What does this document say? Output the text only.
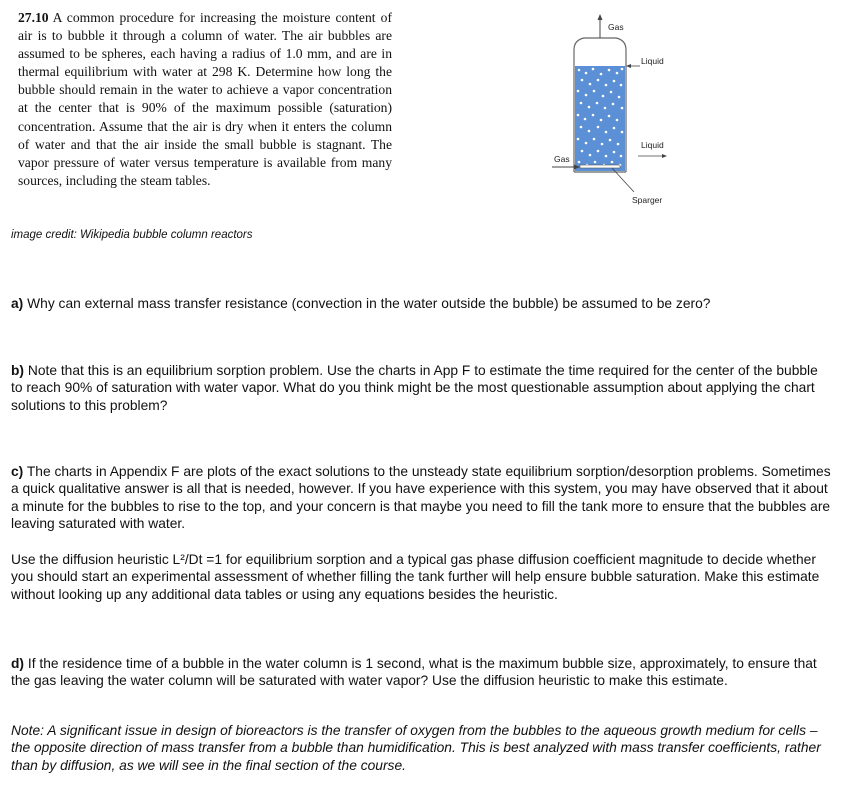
27.10 A common procedure for increasing the moisture content of air is to bubble it through a column of water. The air bubbles are assumed to be spheres, each having a radius of 1.0 mm, and are in thermal equilibrium with water at 298 K. Determine how long the bubble should remain in the water to achieve a vapor concentration at the center that is 90% of the maximum possible (saturation) concentration. Assume that the air is dry when it enters the column of water and that the air inside the small bubble is stagnant. The vapor pressure of water versus temperature is available from many sources, including the steam tables.
Gas
Liquid
Liquid
Gas
Sparger
image credit: Wikipedia bubble column reactors

a) Why can external mass transfer resistance (convection in the water outside the bubble) be assumed to be zero?

b) Note that this is an equilibrium sorption problem. Use the charts in App F to estimate the time required for the center of the bubble to reach 90% of saturation with water vapor. What do you think might be the most questionable assumption about applying the chart solutions to this problem?

c) The charts in Appendix F are plots of the exact solutions to the unsteady state equilibrium sorption/desorption problems. Sometimes a quick qualitative answer is all that is needed, however. If you have experience with this system, you may have observed that it about a minute for the bubbles to rise to the top, and your concern is that maybe you need to fill the tank more to ensure that the bubbles are leaving saturated with water.

Use the diffusion heuristic L²/Dt =1 for equilibrium sorption and a typical gas phase diffusion coefficient magnitude to decide whether you should start an experimental assessment of whether filling the tank further will help ensure bubble saturation. Make this estimate without looking up any additional data tables or using any equations besides the heuristic.

d) If the residence time of a bubble in the water column is 1 second, what is the maximum bubble size, approximately, to ensure that the gas leaving the water column will be saturated with water vapor? Use the diffusion heuristic to make this estimate.

Note: A significant issue in design of bioreactors is the transfer of oxygen from the bubbles to the aqueous growth medium for cells – the opposite direction of mass transfer from a bubble than humidification. This is best analyzed with mass transfer coefficients, rather than by diffusion, as we will see in the final section of the course.
